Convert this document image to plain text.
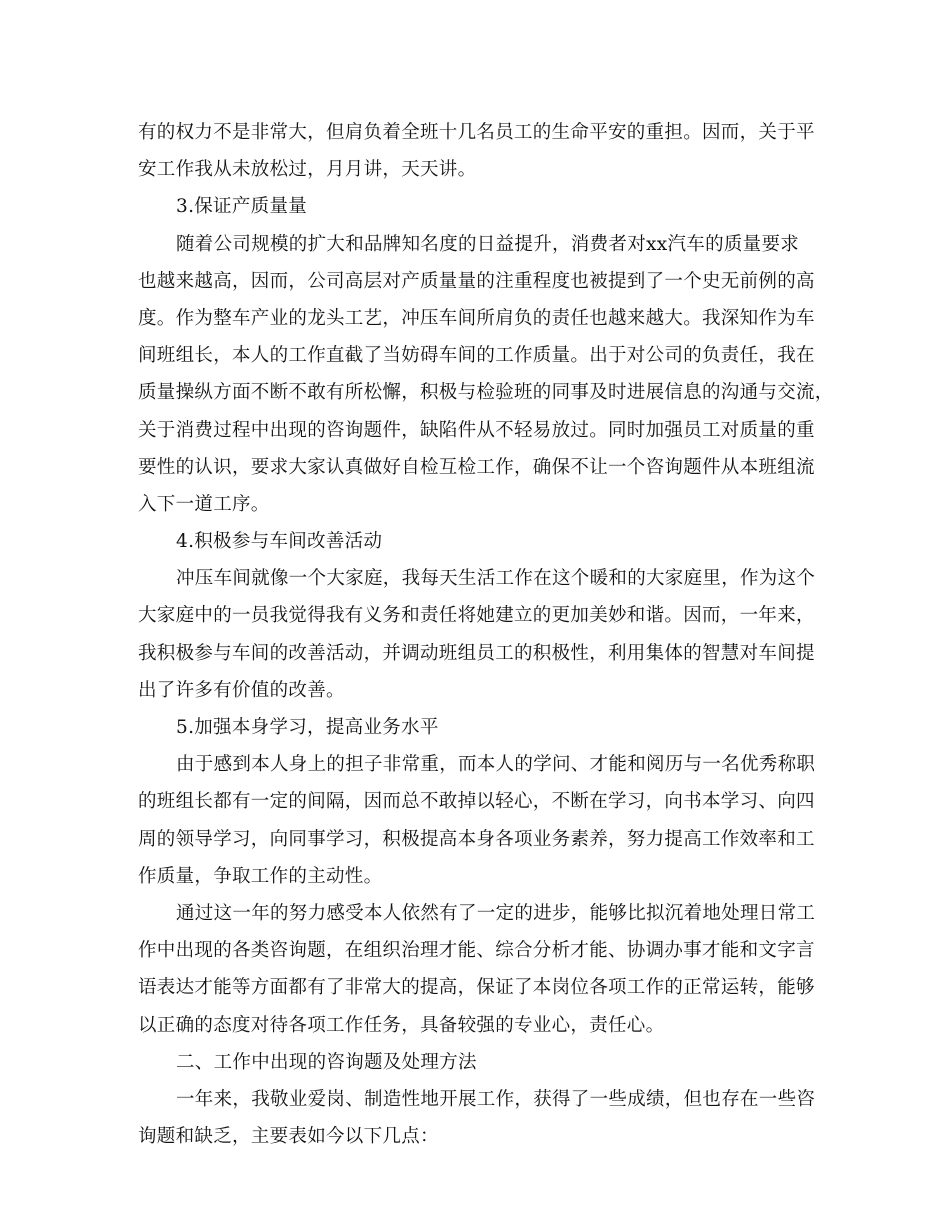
有的权力不是非常大，但肩负着全班十几名员工的生命平安的重担。因而，关于平
安工作我从未放松过，月月讲，天天讲。
3.保证产质量量
随着公司规模的扩大和品牌知名度的日益提升，消费者对xx汽车的质量要求
也越来越高，因而，公司高层对产质量量的注重程度也被提到了一个史无前例的高
度。作为整车产业的龙头工艺，冲压车间所肩负的责任也越来越大。我深知作为车
间班组长，本人的工作直截了当妨碍车间的工作质量。出于对公司的负责任，我在
质量操纵方面不断不敢有所松懈，积极与检验班的同事及时进展信息的沟通与交流，
关于消费过程中出现的咨询题件，缺陷件从不轻易放过。同时加强员工对质量的重
要性的认识，要求大家认真做好自检互检工作，确保不让一个咨询题件从本班组流
入下一道工序。
4.积极参与车间改善活动
冲压车间就像一个大家庭，我每天生活工作在这个暖和的大家庭里，作为这个
大家庭中的一员我觉得我有义务和责任将她建立的更加美妙和谐。因而，一年来，
我积极参与车间的改善活动，并调动班组员工的积极性，利用集体的智慧对车间提
出了许多有价值的改善。
5.加强本身学习，提高业务水平
由于感到本人身上的担子非常重，而本人的学问、才能和阅历与一名优秀称职
的班组长都有一定的间隔，因而总不敢掉以轻心，不断在学习，向书本学习、向四
周的领导学习，向同事学习，积极提高本身各项业务素养，努力提高工作效率和工
作质量，争取工作的主动性。
通过这一年的努力感受本人依然有了一定的进步，能够比拟沉着地处理日常工
作中出现的各类咨询题，在组织治理才能、综合分析才能、协调办事才能和文字言
语表达才能等方面都有了非常大的提高，保证了本岗位各项工作的正常运转，能够
以正确的态度对待各项工作任务，具备较强的专业心，责任心。
二、工作中出现的咨询题及处理方法
一年来，我敬业爱岗、制造性地开展工作，获得了一些成绩，但也存在一些咨
询题和缺乏，主要表如今以下几点：
